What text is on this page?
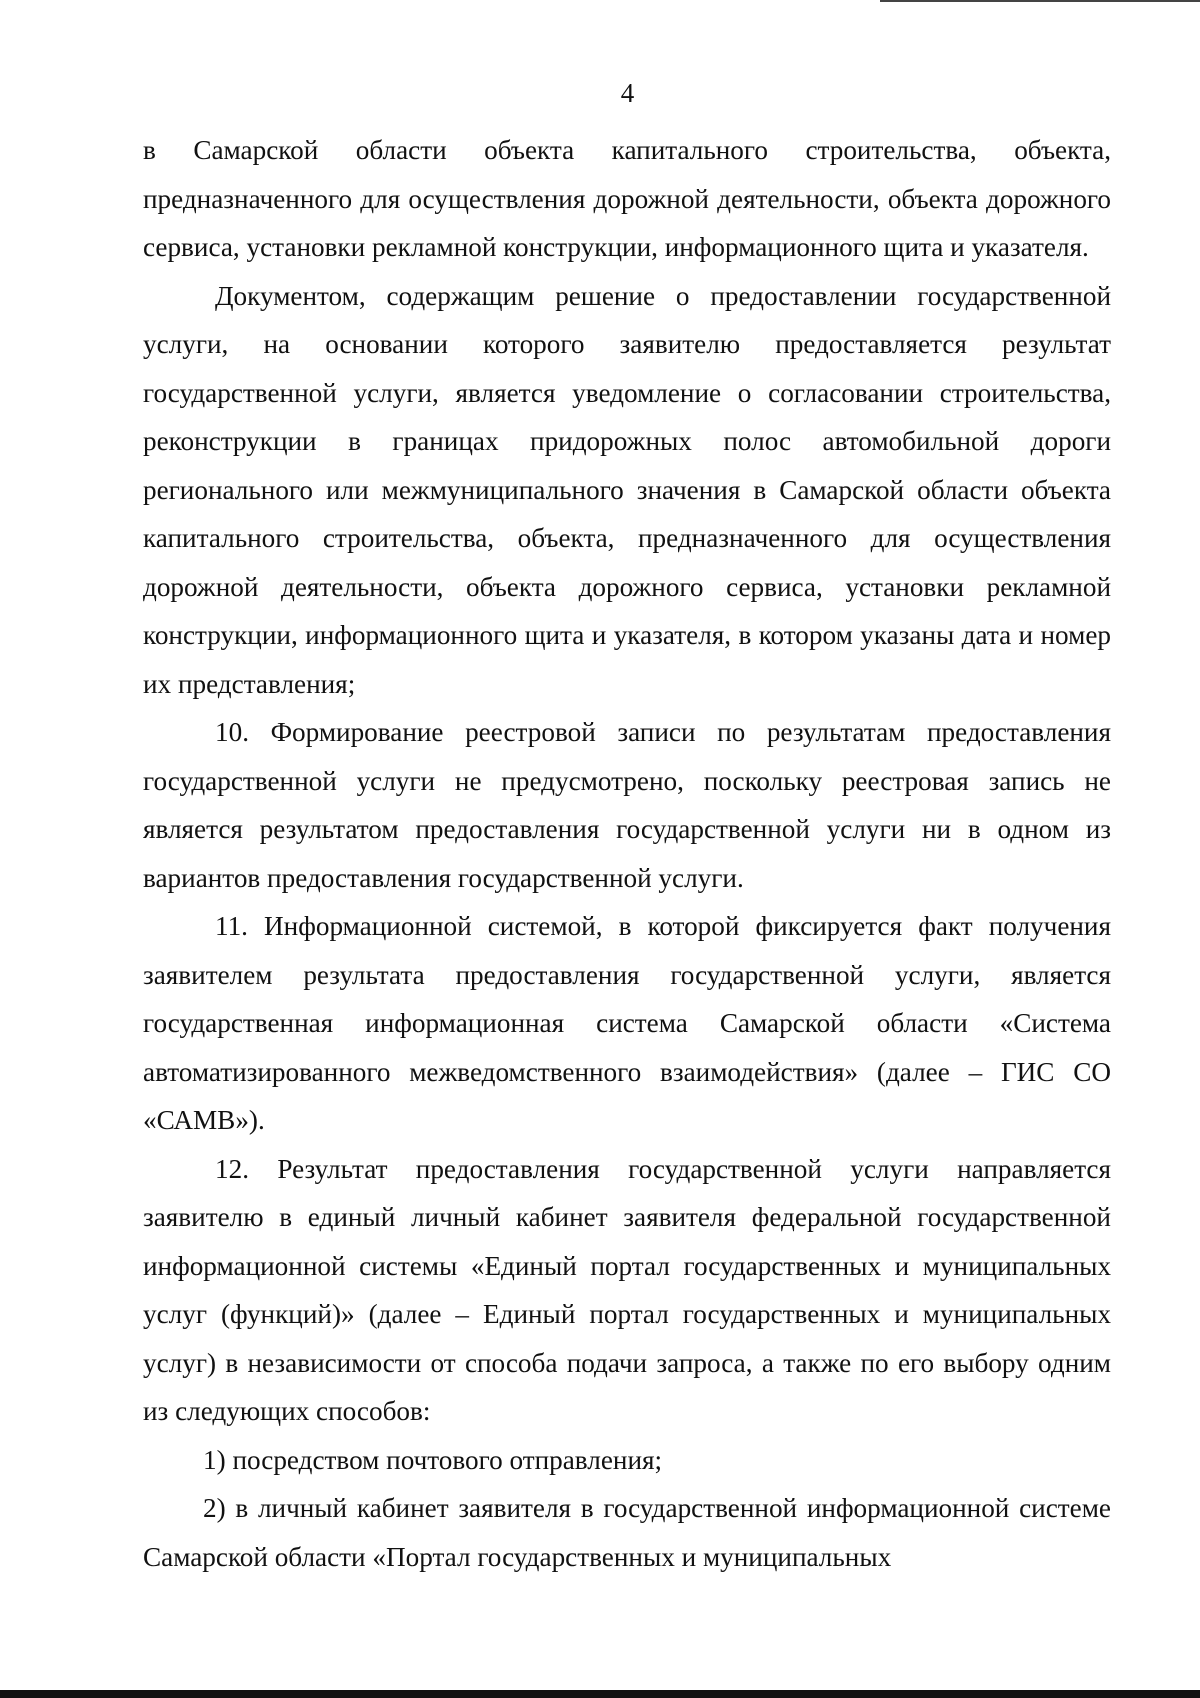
4

в Самарской области объекта капитального строительства, объекта, предназначенного для осуществления дорожной деятельности, объекта дорожного сервиса, установки рекламной конструкции, информационного щита и указателя.

Документом, содержащим решение о предоставлении государственной услуги, на основании которого заявителю предоставляется результат государственной услуги, является уведомление о согласовании строительства, реконструкции в границах придорожных полос автомобильной дороги регионального или межмуниципального значения в Самарской области объекта капитального строительства, объекта, предназначенного для осуществления дорожной деятельности, объекта дорожного сервиса, установки рекламной конструкции, информационного щита и указателя, в котором указаны дата и номер их представления;

10. Формирование реестровой записи по результатам предоставления государственной услуги не предусмотрено, поскольку реестровая запись не является результатом предоставления государственной услуги ни в одном из вариантов предоставления государственной услуги.

11. Информационной системой, в которой фиксируется факт получения заявителем результата предоставления государственной услуги, является государственная информационная система Самарской области «Система автоматизированного межведомственного взаимодействия» (далее – ГИС СО «САМВ»).

12. Результат предоставления государственной услуги направляется заявителю в единый личный кабинет заявителя федеральной государственной информационной системы «Единый портал государственных и муниципальных услуг (функций)» (далее – Единый портал государственных и муниципальных услуг) в независимости от способа подачи запроса, а также по его выбору одним из следующих способов:

1) посредством почтового отправления;

2) в личный кабинет заявителя в государственной информационной системе Самарской области «Портал государственных и муниципальных
